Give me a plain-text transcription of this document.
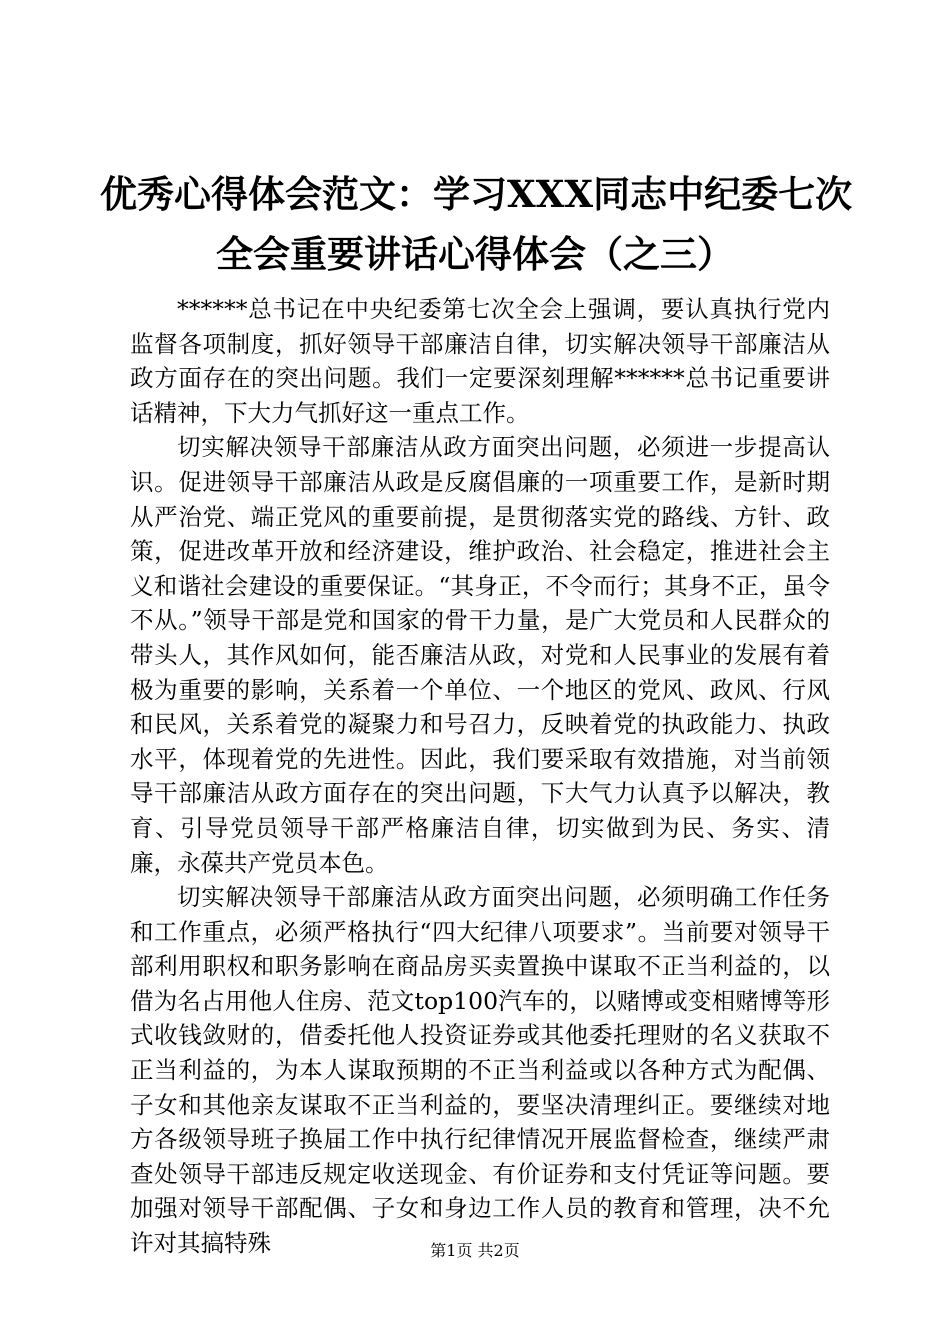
优秀心得体会范文：学习XXX同志中纪委七次
全会重要讲话心得体会（之三）

******总书记在中央纪委第七次全会上强调，要认真执行党内监督各项制度，抓好领导干部廉洁自律，切实解决领导干部廉洁从政方面存在的突出问题。我们一定要深刻理解******总书记重要讲话精神，下大力气抓好这一重点工作。

切实解决领导干部廉洁从政方面突出问题，必须进一步提高认识。促进领导干部廉洁从政是反腐倡廉的一项重要工作，是新时期从严治党、端正党风的重要前提，是贯彻落实党的路线、方针、政策，促进改革开放和经济建设，维护政治、社会稳定，推进社会主义和谐社会建设的重要保证。“其身正，不令而行；其身不正，虽令不从。”领导干部是党和国家的骨干力量，是广大党员和人民群众的带头人，其作风如何，能否廉洁从政，对党和人民事业的发展有着极为重要的影响，关系着一个单位、一个地区的党风、政风、行风和民风，关系着党的凝聚力和号召力，反映着党的执政能力、执政水平，体现着党的先进性。因此，我们要采取有效措施，对当前领导干部廉洁从政方面存在的突出问题，下大气力认真予以解决，教育、引导党员领导干部严格廉洁自律，切实做到为民、务实、清廉，永葆共产党员本色。

切实解决领导干部廉洁从政方面突出问题，必须明确工作任务和工作重点，必须严格执行“四大纪律八项要求”。当前要对领导干部利用职权和职务影响在商品房买卖置换中谋取不正当利益的，以借为名占用他人住房、范文top100汽车的，以赌博或变相赌博等形式收钱敛财的，借委托他人投资证券或其他委托理财的名义获取不正当利益的，为本人谋取预期的不正当利益或以各种方式为配偶、子女和其他亲友谋取不正当利益的，要坚决清理纠正。要继续对地方各级领导班子换届工作中执行纪律情况开展监督检查，继续严肃查处领导干部违反规定收送现金、有价证券和支付凭证等问题。要加强对领导干部配偶、子女和身边工作人员的教育和管理，决不允许对其搞特殊	第1页 共2页
